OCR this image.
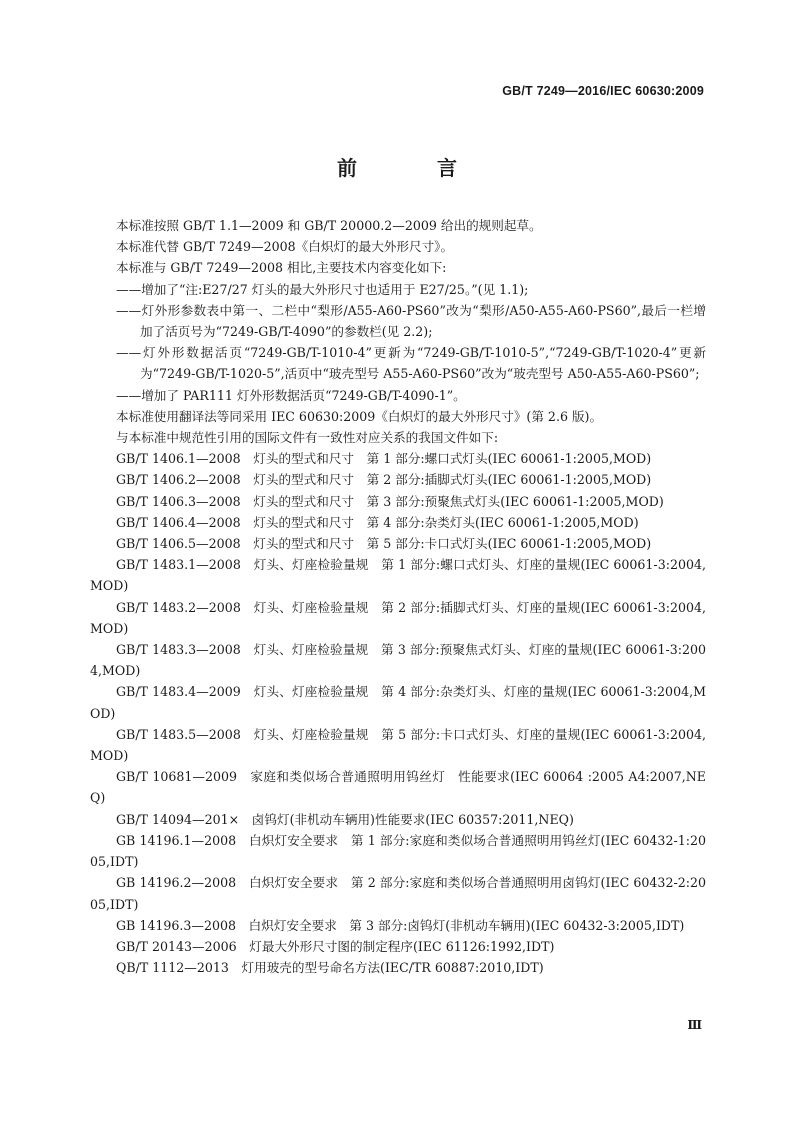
GB/T 7249—2016/IEC 60630:2009
前　言

本标准按照 GB/T 1.1—2009 和 GB/T 20000.2—2009 给出的规则起草。

本标准代替 GB/T 7249—2008《白炽灯的最大外形尺寸》。

本标准与 GB/T 7249—2008 相比,主要技术内容变化如下:

——增加了“注:E27/27 灯头的最大外形尺寸也适用于 E27/25。”(见 1.1);

——灯外形参数表中第一、二栏中“梨形/A55-A60-PS60”改为“梨形/A50-A55-A60-PS60”,最后一栏增加了活页号为“7249-GB/T-4090”的参数栏(见 2.2);

——灯外形数据活页“7249-GB/T-1010-4”更新为“7249-GB/T-1010-5”,“7249-GB/T-1020-4”更新为“7249-GB/T-1020-5”,活页中“玻壳型号 A55-A60-PS60”改为“玻壳型号 A50-A55-A60-PS60”;

——增加了 PAR111 灯外形数据活页“7249-GB/T-4090-1”。

本标准使用翻译法等同采用 IEC 60630:2009《白炽灯的最大外形尺寸》(第 2.6 版)。

与本标准中规范性引用的国际文件有一致性对应关系的我国文件如下:

GB/T 1406.1—2008　灯头的型式和尺寸　第 1 部分:螺口式灯头(IEC 60061-1:2005,MOD)

GB/T 1406.2—2008　灯头的型式和尺寸　第 2 部分:插脚式灯头(IEC 60061-1:2005,MOD)

GB/T 1406.3—2008　灯头的型式和尺寸　第 3 部分:预聚焦式灯头(IEC 60061-1:2005,MOD)

GB/T 1406.4—2008　灯头的型式和尺寸　第 4 部分:杂类灯头(IEC 60061-1:2005,MOD)

GB/T 1406.5—2008　灯头的型式和尺寸　第 5 部分:卡口式灯头(IEC 60061-1:2005,MOD)

GB/T 1483.1—2008　灯头、灯座检验量规　第 1 部分:螺口式灯头、灯座的量规(IEC 60061-3:2004,MOD)

GB/T 1483.2—2008　灯头、灯座检验量规　第 2 部分:插脚式灯头、灯座的量规(IEC 60061-3:2004,MOD)

GB/T 1483.3—2008　灯头、灯座检验量规　第 3 部分:预聚焦式灯头、灯座的量规(IEC 60061-3:2004,MOD)

GB/T 1483.4—2009　灯头、灯座检验量规　第 4 部分:杂类灯头、灯座的量规(IEC 60061-3:2004,MOD)

GB/T 1483.5—2008　灯头、灯座检验量规　第 5 部分:卡口式灯头、灯座的量规(IEC 60061-3:2004,MOD)

GB/T 10681—2009　家庭和类似场合普通照明用钨丝灯　性能要求(IEC 60064 :2005 A4:2007,NEQ)

GB/T 14094—201×　卤钨灯(非机动车辆用)性能要求(IEC 60357:2011,NEQ)

GB 14196.1—2008　白炽灯安全要求　第 1 部分:家庭和类似场合普通照明用钨丝灯(IEC 60432-1:2005,IDT)

GB 14196.2—2008　白炽灯安全要求　第 2 部分:家庭和类似场合普通照明用卤钨灯(IEC 60432-2:2005,IDT)

GB 14196.3—2008　白炽灯安全要求　第 3 部分:卤钨灯(非机动车辆用)(IEC 60432-3:2005,IDT)

GB/T 20143—2006　灯最大外形尺寸图的制定程序(IEC 61126:1992,IDT)

QB/T 1112—2013　灯用玻壳的型号命名方法(IEC/TR 60887:2010,IDT)

Ⅲ
